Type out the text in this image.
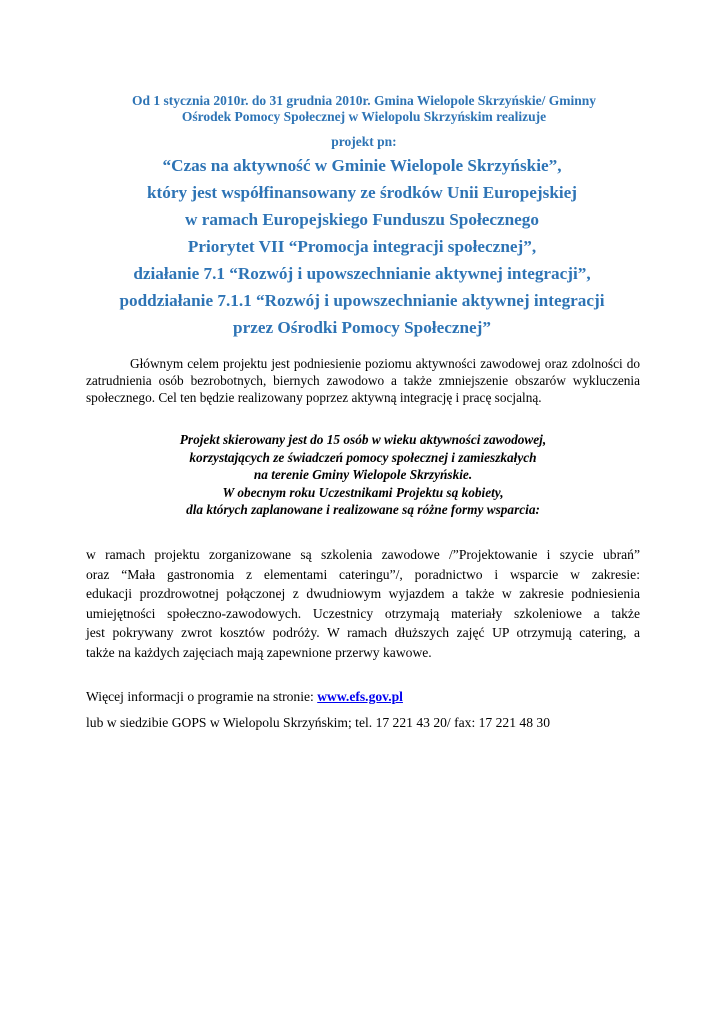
Od 1 stycznia 2010r. do 31 grudnia 2010r. Gmina Wielopole Skrzyńskie/ Gminny
Ośrodek Pomocy Społecznej w Wielopolu Skrzyńskim realizuje
projekt pn:
“Czas na aktywność w Gminie Wielopole Skrzyńskie”,
który jest współfinansowany ze środków Unii Europejskiej
w ramach Europejskiego Funduszu Społecznego
Priorytet VII “Promocja integracji społecznej”,
działanie 7.1 “Rozwój i upowszechnianie aktywnej integracji”,
poddziałanie 7.1.1 “Rozwój i upowszechnianie aktywnej integracji
przez Ośrodki Pomocy Społecznej”
Głównym celem projektu jest podniesienie poziomu aktywności zawodowej oraz zdolności do zatrudnienia osób bezrobotnych, biernych zawodowo a także zmniejszenie obszarów wykluczenia społecznego. Cel ten będzie realizowany poprzez aktywną integrację i pracę socjalną.
Projekt skierowany jest do 15 osób w wieku aktywności zawodowej,
korzystających ze świadczeń pomocy społecznej i zamieszkałych
na terenie Gminy Wielopole Skrzyńskie.
W obecnym roku Uczestnikami Projektu są kobiety,
dla których zaplanowane i realizowane są różne formy wsparcia:
w ramach projektu zorganizowane są szkolenia zawodowe /”Projektowanie i szycie ubrań”
oraz “Mała gastronomia z elementami cateringu”/, poradnictwo i wsparcie w zakresie:
edukacji prozdrowotnej połączonej z dwudniowym wyjazdem a także w zakresie podniesienia
umiejętności społeczno-zawodowych. Uczestnicy otrzymają materiały szkoleniowe a także
jest pokrywany zwrot kosztów podróży. W ramach dłuższych zajęć UP otrzymują catering, a
także na każdych zajęciach mają zapewnione przerwy kawowe.
Więcej informacji o programie na stronie: www.efs.gov.pl
lub w siedzibie GOPS w Wielopolu Skrzyńskim; tel. 17 221 43 20/ fax: 17 221 48 30
